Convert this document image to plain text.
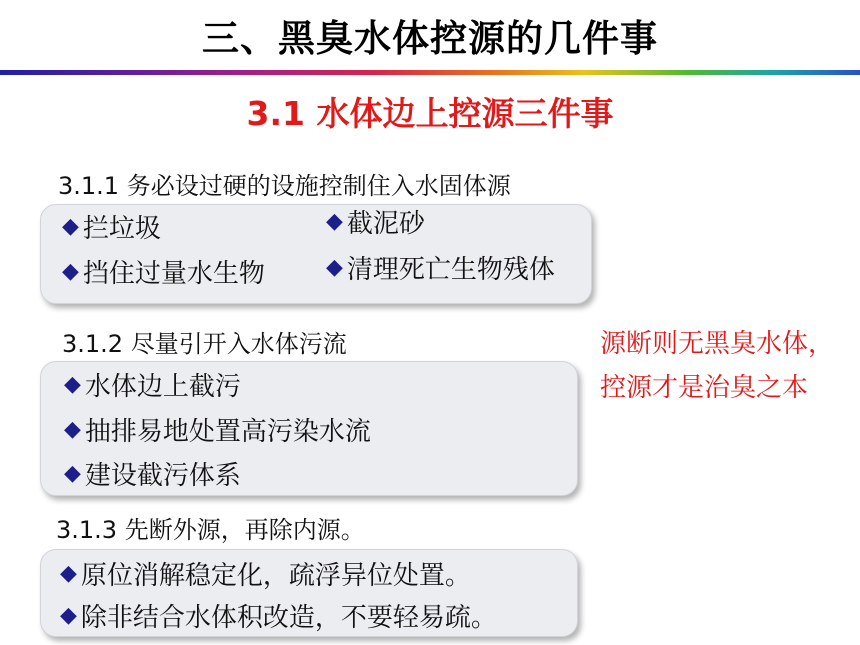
三、黑臭水体控源的几件事
3.1 水体边上控源三件事
3.1.1 务必设过硬的设施控制住入水固体源
◆ 拦垃圾	◆ 截泥砂
◆ 挡住过量水生物	◆ 清理死亡生物残体
3.1.2 尽量引开入水体污流
◆ 水体边上截污
◆ 抽排易地处置高污染水流
◆ 建设截污体系
源断则无黑臭水体，
控源才是治臭之本
3.1.3 先断外源，再除内源。
◆ 原位消解稳定化，疏浮异位处置。
◆ 除非结合水体积改造，不要轻易疏。
